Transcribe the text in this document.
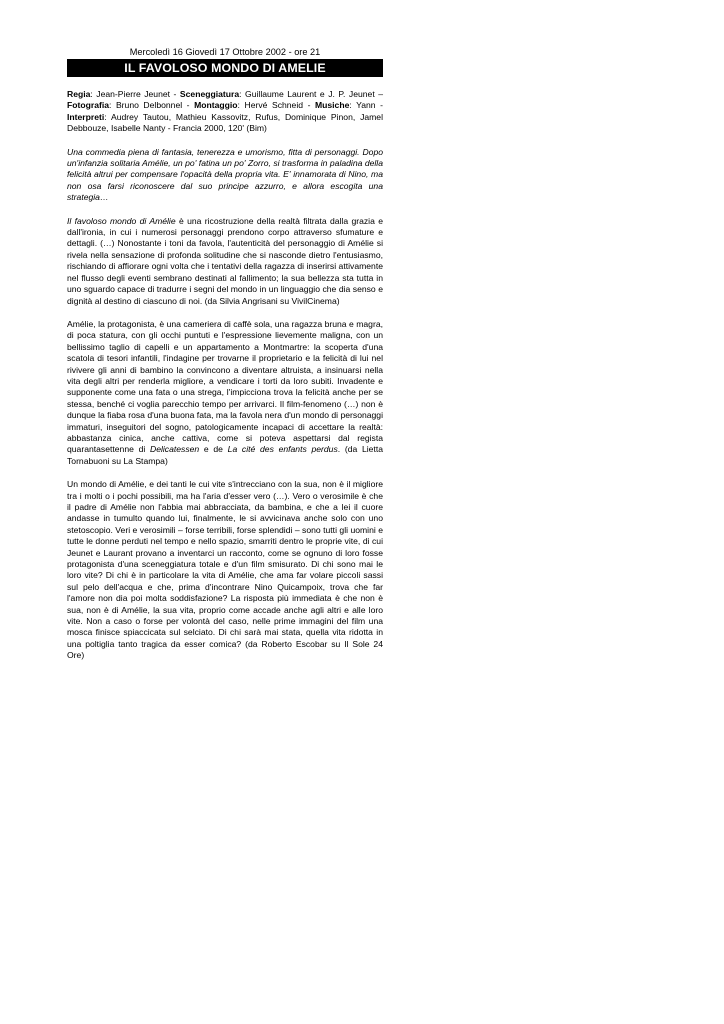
Mercoledì 16 Giovedì 17 Ottobre 2002 - ore 21

IL FAVOLOSO MONDO DI AMELIE

Regia: Jean-Pierre Jeunet - Sceneggiatura: Guillaume Laurent e J. P. Jeunet – Fotografia: Bruno Delbonnel - Montaggio: Hervé Schneid - Musiche: Yann - Interpreti: Audrey Tautou, Mathieu Kassovitz, Rufus, Dominique Pinon, Jamel Debbouze, Isabelle Nanty - Francia 2000, 120' (Bim)

Una commedia piena di fantasia, tenerezza e umorismo, fitta di personaggi. Dopo un'infanzia solitaria Amélie, un po' fatina un po' Zorro, si trasforma in paladina della felicità altrui per compensare l'opacità della propria vita. E' innamorata di Nino, ma non osa farsi riconoscere dal suo principe azzurro, e allora escogita una strategia…

Il favoloso mondo di Amélie è una ricostruzione della realtà filtrata dalla grazia e dall'ironia, in cui i numerosi personaggi prendono corpo attraverso sfumature e dettagli. (…) Nonostante i toni da favola, l'autenticità del personaggio di Amélie si rivela nella sensazione di profonda solitudine che si nasconde dietro l'entusiasmo, rischiando di affiorare ogni volta che i tentativi della ragazza di inserirsi attivamente nel flusso degli eventi sembrano destinati al fallimento; la sua bellezza sta tutta in uno sguardo capace di tradurre i segni del mondo in un linguaggio che dia senso e dignità al destino di ciascuno di noi. (da Silvia Angrisani su VivilCinema)

Amélie, la protagonista, è una cameriera di caffè sola, una ragazza bruna e magra, di poca statura, con gli occhi puntuti e l'espressione lievemente maligna, con un bellissimo taglio di capelli e un appartamento a Montmartre: la scoperta d'una scatola di tesori infantili, l'indagine per trovarne il proprietario e la felicità di lui nel rivivere gli anni di bambino la convincono a diventare altruista, a insinuarsi nella vita degli altri per renderla migliore, a vendicare i torti da loro subiti. Invadente e supponente come una fata o una strega, l'impicciona trova la felicità anche per se stessa, benché ci voglia parecchio tempo per arrivarci. Il film-fenomeno (…) non è dunque la fiaba rosa d'una buona fata, ma la favola nera d'un mondo di personaggi immaturi, inseguitori del sogno, patologicamente incapaci di accettare la realtà: abbastanza cinica, anche cattiva, come si poteva aspettarsi dal regista quarantasettenne di Delicatessen e de La cité des enfants perdus. (da Lietta Tornabuoni su La Stampa)

Un mondo di Amélie, e dei tanti le cui vite s'intrecciano con la sua, non è il migliore tra i molti o i pochi possibili, ma ha l'aria d'esser vero (…). Vero o verosimile è che il padre di Amélie non l'abbia mai abbracciata, da bambina, e che a lei il cuore andasse in tumulto quando lui, finalmente, le si avvicinava anche solo con uno stetoscopio. Veri e verosimili – forse terribili, forse splendidi – sono tutti gli uomini e tutte le donne perduti nel tempo e nello spazio, smarriti dentro le proprie vite, di cui Jeunet e Laurant provano a inventarci un racconto, come se ognuno di loro fosse protagonista d'una sceneggiatura totale e d'un film smisurato. Di chi sono mai le loro vite? Di chi è in particolare la vita di Amélie, che ama far volare piccoli sassi sul pelo dell'acqua e che, prima d'incontrare Nino Quicampoix, trova che far l'amore non dia poi molta soddisfazione? La risposta più immediata è che non è sua, non è di Amélie, la sua vita, proprio come accade anche agli altri e alle loro vite. Non a caso o forse per volontà del caso, nelle prime immagini del film una mosca finisce spiaccicata sul selciato. Di chi sarà mai stata, quella vita ridotta in una poltiglia tanto tragica da esser comica? (da Roberto Escobar su Il Sole 24 Ore)
